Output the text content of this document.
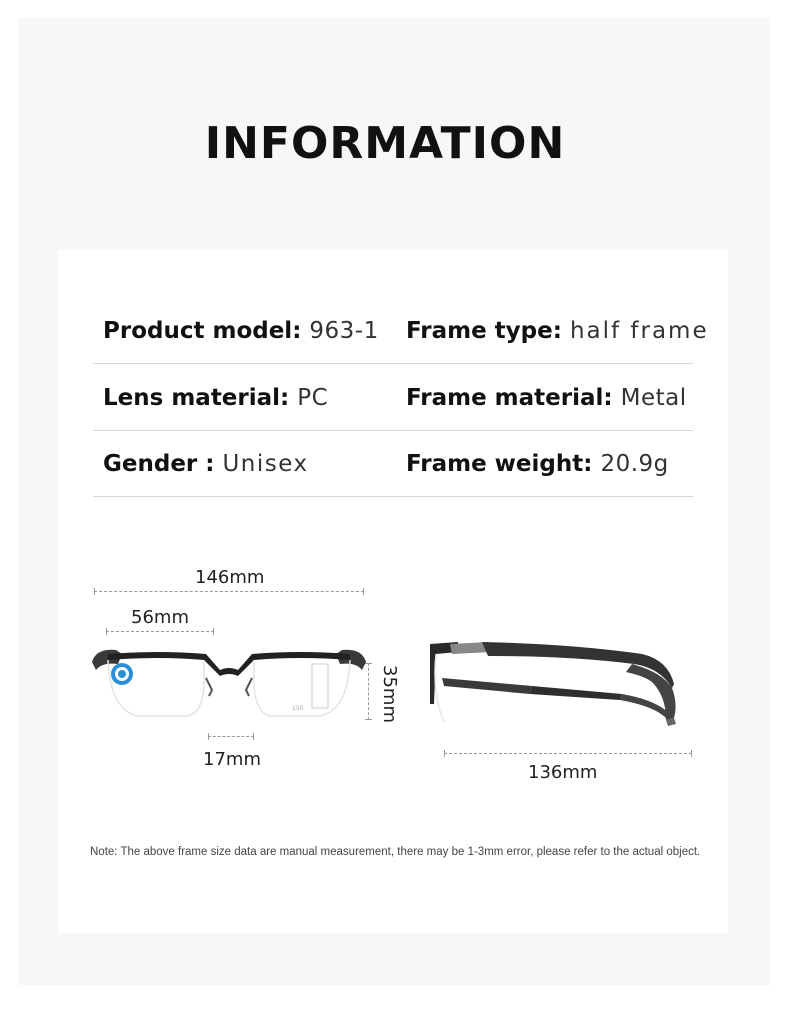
INFORMATION
Product model: 963-1 Frame type: half frame
Lens material: PC	Frame material: Metal
Gender : Unisex	Frame weight: 20.9g
146mm
56mm
35mm
17mm
150
136mm
Note: The above frame size data are manual measurement, there may be 1-3mm error, please refer to the actual object.
